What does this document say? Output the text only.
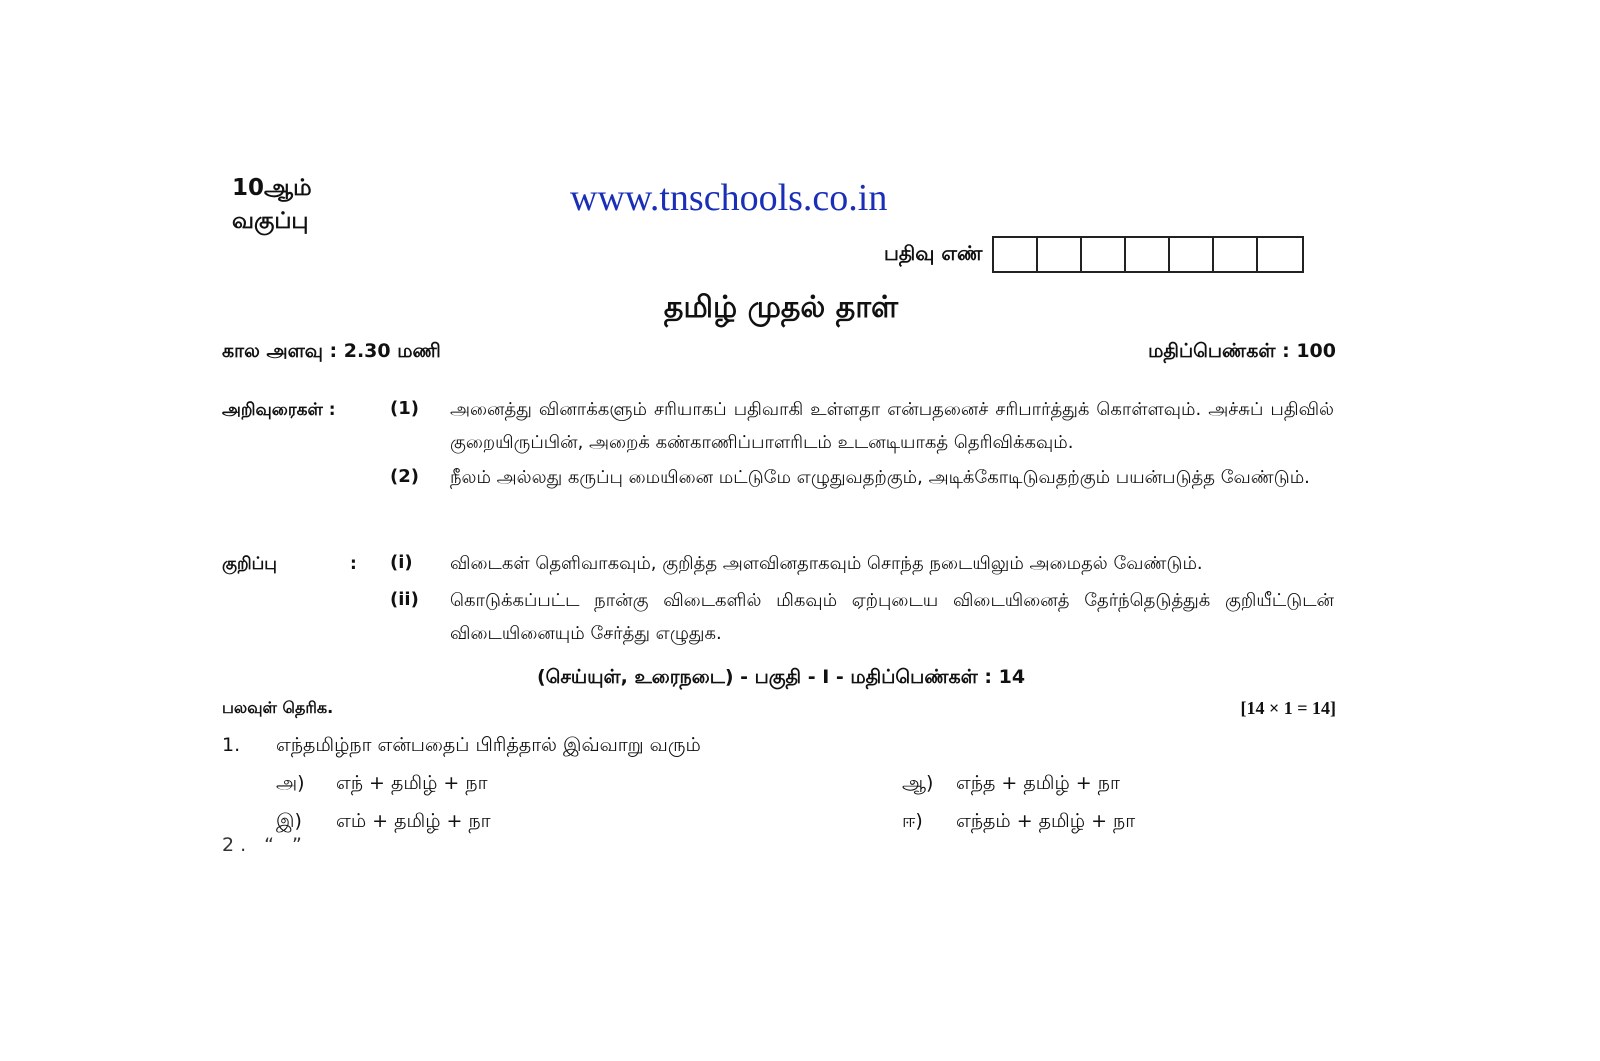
10ஆம்
வகுப்பு
www.tnschools.co.in
பதிவு எண்
தமிழ் முதல் தாள்
கால அளவு : 2.30 மணி	மதிப்பெண்கள் : 100
அறிவுரைகள் :	(1) அனைத்து வினாக்களும் சரியாகப் பதிவாகி உள்ளதா என்பதனைச் சரிபார்த்துக் கொள்ளவும். அச்சுப் பதிவில் குறையிருப்பின், அறைக் கண்காணிப்பாளரிடம் உடனடியாகத் தெரிவிக்கவும்.
(2) நீலம் அல்லது கருப்பு மையினை மட்டுமே எழுதுவதற்கும், அடிக்கோடிடுவதற்கும் பயன்படுத்த வேண்டும்.
குறிப்பு	: (i) விடைகள் தெளிவாகவும், குறித்த அளவினதாகவும் சொந்த நடையிலும் அமைதல் வேண்டும்.
(ii) கொடுக்கப்பட்ட நான்கு விடைகளில் மிகவும் ஏற்புடைய விடையினைத் தேர்ந்தெடுத்துக் குறியீட்டுடன் விடையினையும் சேர்த்து எழுதுக.
(செய்யுள், உரைநடை) - பகுதி - I - மதிப்பெண்கள் : 14
பலவுள் தெரிக.	[14 × 1 = 14]
1. எந்தமிழ்நா என்பதைப் பிரித்தால் இவ்வாறு வரும்
அ) எந் + தமிழ் + நா	ஆ) எந்த + தமிழ் + நா
இ) எம் + தமிழ் + நா	ஈ) எந்தம் + தமிழ் + நா
2. “ ”
